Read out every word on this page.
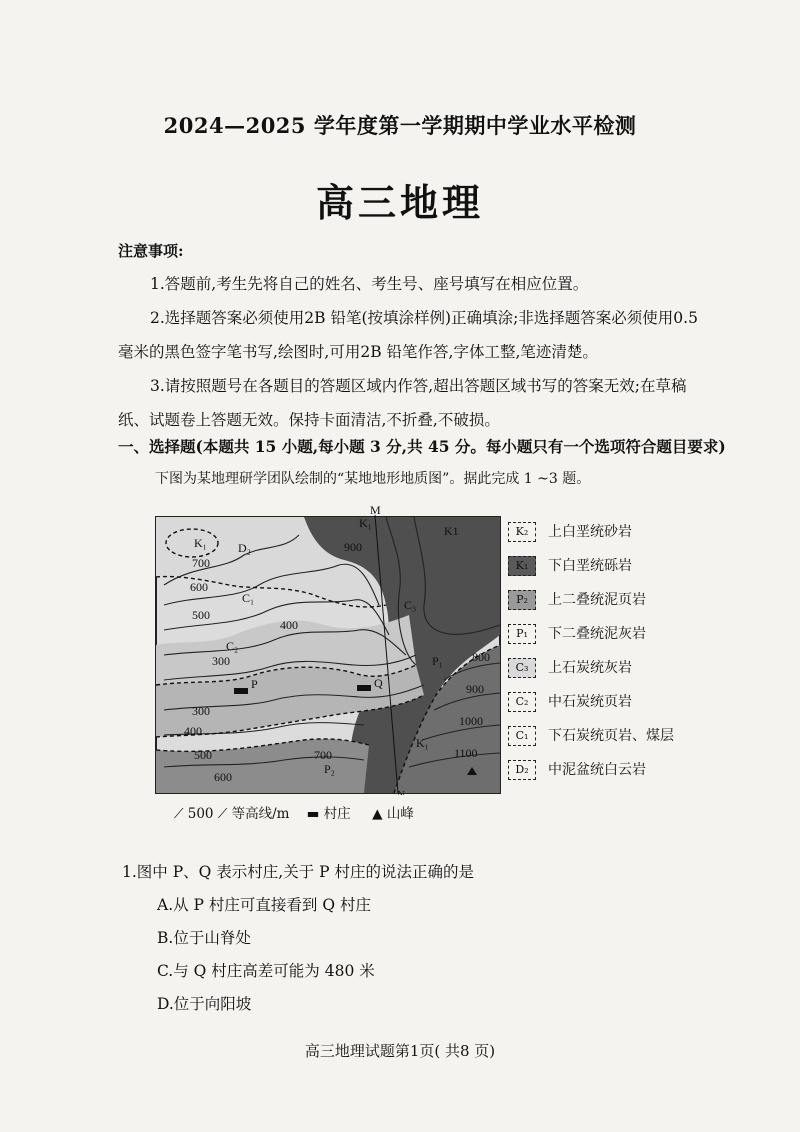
2024—2025 学年度第一学期期中学业水平检测
高三地理
注意事项:
1.答题前,考生先将自己的姓名、考生号、座号填写在相应位置。
2.选择题答案必须使用2B 铅笔(按填涂样例)正确填涂;非选择题答案必须使用0.5
毫米的黑色签字笔书写,绘图时,可用2B 铅笔作答,字体工整,笔迹清楚。
3.请按照题号在各题目的答题区域内作答,超出答题区域书写的答案无效;在草稿
纸、试题卷上答题无效。保持卡面清洁,不折叠,不破损。
一、选择题(本题共 15 小题,每小题 3 分,共 45 分。每小题只有一个选项符合题目要求)
下图为某地理研学团队绘制的“某地地形地质图”。据此完成 1 ~3 题。
M
N
P	Q
900
700
600
500
400
300
300
400
500
600
700
800
900
1000
1100
K₁
K₁
K1
D₂
C₁
C₂
C₃
P₁
P₂
K₁
K₂	上白垩统砂岩
K₁	下白垩统砾岩
P₂	上二叠统泥页岩
P₁	下二叠统泥灰岩
C₃	上石炭统灰岩
C₂	中石炭统页岩
C₁	下石炭统页岩、煤层
D₂	中泥盆统白云岩
⟋ 500 ⟋ 等高线/m ▬ 村庄 ▲ 山峰
1.图中 P、Q 表示村庄,关于 P 村庄的说法正确的是
A.从 P 村庄可直接看到 Q 村庄
B.位于山脊处
C.与 Q 村庄高差可能为 480 米
D.位于向阳坡
高三地理试题第1页( 共8 页)
